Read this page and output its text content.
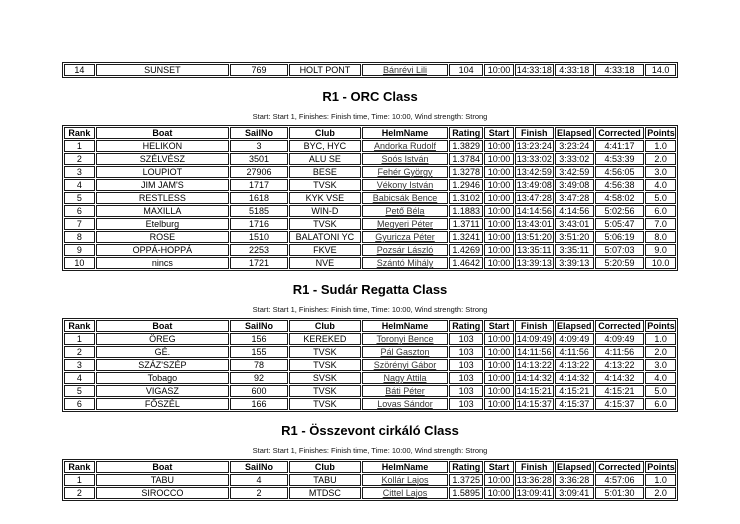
14	SUNSET	769	HOLT PONT	Bánrévi Lili	104	10:00	14:33:18	4:33:18	4:33:18	14.0
R1 - ORC Class
Start: Start 1, Finishes: Finish time, Time: 10:00, Wind strength: Strong
Rank	Boat	SailNo	Club	HelmName	Rating	Start	Finish	Elapsed	Corrected	Points
1	HELIKON	3	BYC, HYC	Andorka Rudolf	1.3829	10:00	13:23:24	3:23:24	4:41:17	1.0
2	SZÉLVÉSZ	3501	ALU SE	Soós István	1.3784	10:00	13:33:02	3:33:02	4:53:39	2.0
3	LOUPIOT	27906	BESE	Fehér György	1.3278	10:00	13:42:59	3:42:59	4:56:05	3.0
4	JIM JAM'S	1717	TVSK	Vékony István	1.2946	10:00	13:49:08	3:49:08	4:56:38	4.0
5	RESTLESS	1618	KYK VSE	Babicsák Bence	1.3102	10:00	13:47:28	3:47:28	4:58:02	5.0
6	MAXILLA	5185	WIN-D	Pető Béla	1.1883	10:00	14:14:56	4:14:56	5:02:56	6.0
7	Etelburg	1716	TVSK	Megyeri Péter	1.3711	10:00	13:43:01	3:43:01	5:05:47	7.0
8	ROSE	1510	BALATONI YC	Gyuricza Péter	1.3241	10:00	13:51:20	3:51:20	5:06:19	8.0
9	OPPÁ-HOPPÁ	2253	FKVE	Pozsár László	1.4269	10:00	13:35:11	3:35:11	5:07:03	9.0
10	nincs	1721	NVE	Szántó Mihály	1.4642	10:00	13:39:13	3:39:13	5:20:59	10.0
R1 - Sudár Regatta Class
Start: Start 1, Finishes: Finish time, Time: 10:00, Wind strength: Strong
Rank	Boat	SailNo	Club	HelmName	Rating	Start	Finish	Elapsed	Corrected	Points
1	ÖREG	156	KEREKED	Toronyi Bence	103	10:00	14:09:49	4:09:49	4:09:49	1.0
2	GÉ.	155	TVSK	Pál Gaszton	103	10:00	14:11:56	4:11:56	4:11:56	2.0
3	SZÁZ'SZÉP	78	TVSK	Szörényi Gábor	103	10:00	14:13:22	4:13:22	4:13:22	3.0
4	Tobago	92	SVSK	Nagy Attila	103	10:00	14:14:32	4:14:32	4:14:32	4.0
5	VIGASZ	600	TVSK	Báti Péter	103	10:00	14:15:21	4:15:21	4:15:21	5.0
6	FŐSZÉL	166	TVSK	Lovas Sándor	103	10:00	14:15:37	4:15:37	4:15:37	6.0
R1 - Összevont cirkáló Class
Start: Start 1, Finishes: Finish time, Time: 10:00, Wind strength: Strong
Rank	Boat	SailNo	Club	HelmName	Rating	Start	Finish	Elapsed	Corrected	Points
1	TABU	4	TABU	Kollár Lajos	1.3725	10:00	13:36:28	3:36:28	4:57:06	1.0
2	SIROCCO	2	MTDSC	Cittel Lajos	1.5895	10:00	13:09:41	3:09:41	5:01:30	2.0
